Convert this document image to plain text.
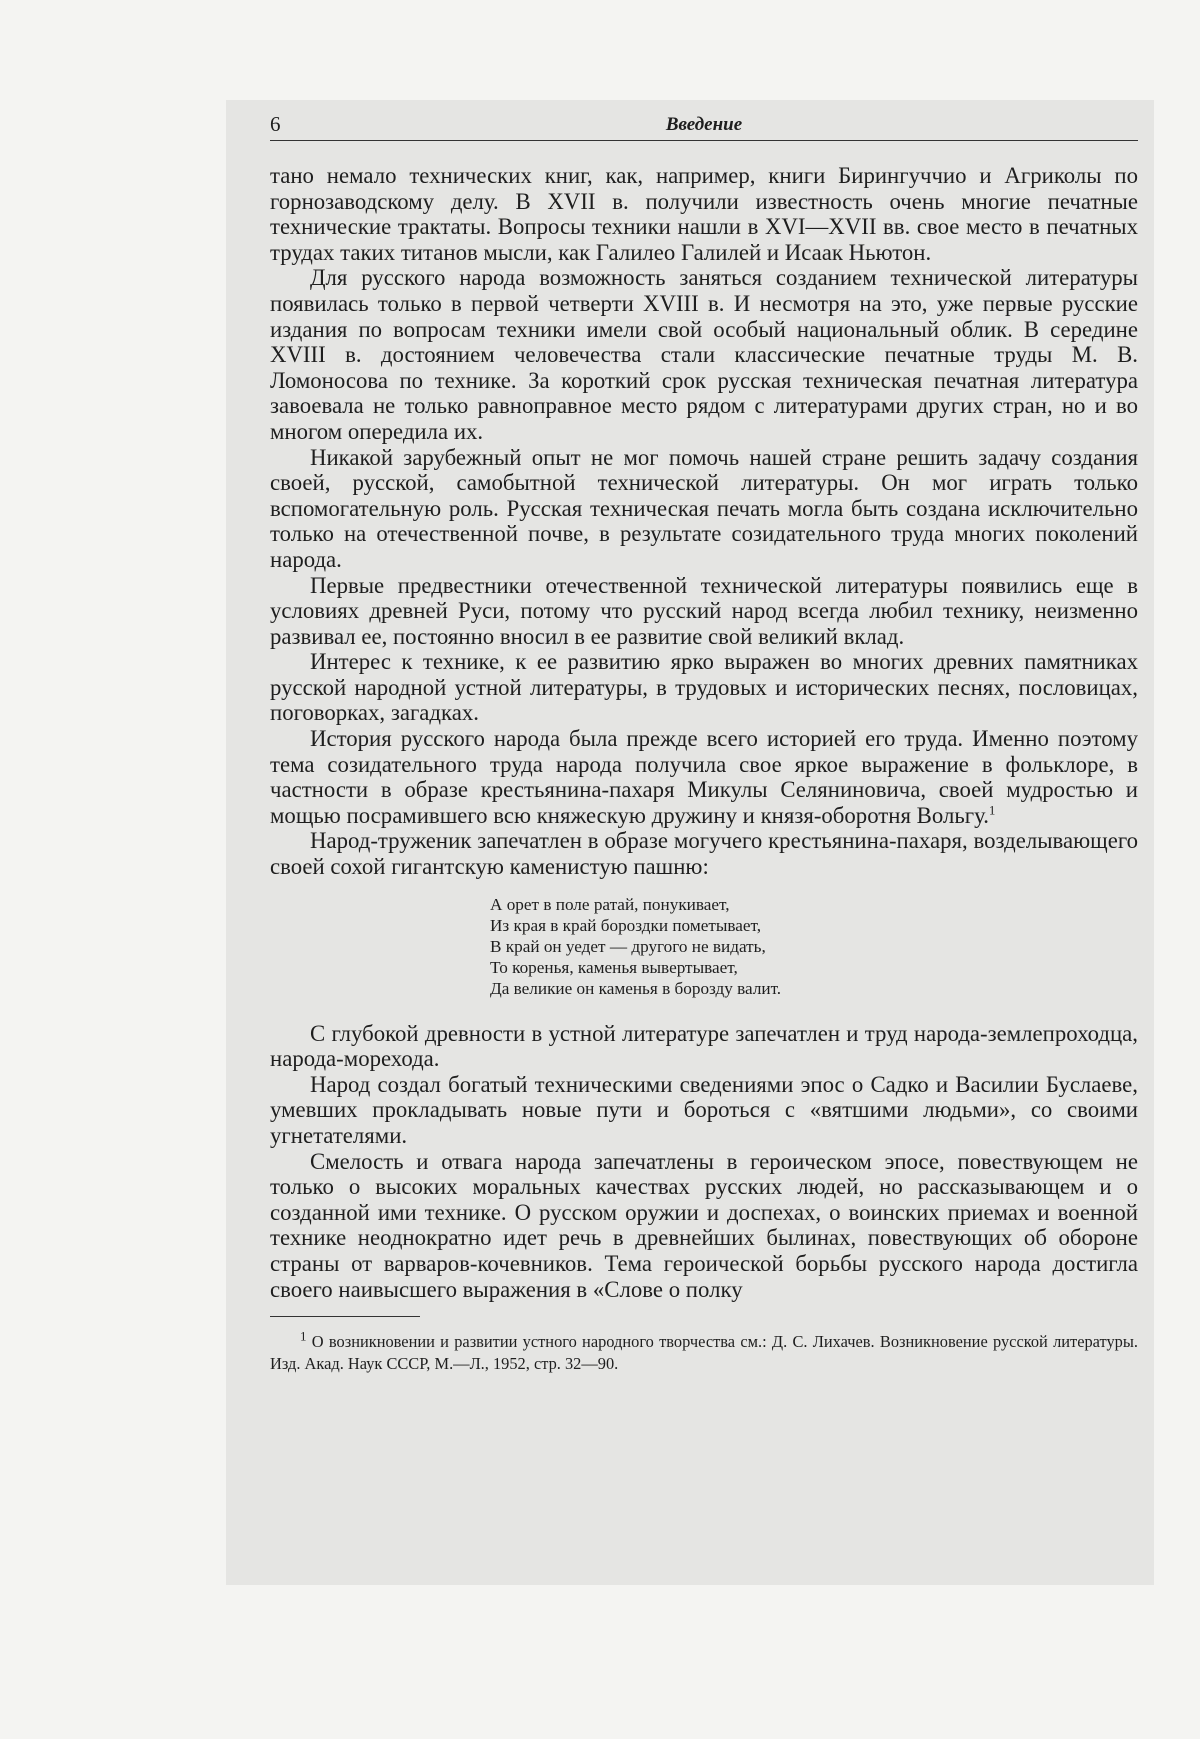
6	Введение

тано немало технических книг, как, например, книги Бирингуччио и Агриколы по горнозаводскому делу. В XVII в. получили известность очень многие печатные технические трактаты. Вопросы техники нашли в XVI—XVII вв. свое место в печатных трудах таких титанов мысли, как Галилео Галилей и Исаак Ньютон.

Для русского народа возможность заняться созданием технической литературы появилась только в первой четверти XVIII в. И несмотря на это, уже первые русские издания по вопросам техники имели свой особый национальный облик. В середине XVIII в. достоянием человечества стали классические печатные труды М. В. Ломоносова по технике. За короткий срок русская техническая печатная литература завоевала не только равноправное место рядом с литературами других стран, но и во многом опередила их.

Никакой зарубежный опыт не мог помочь нашей стране решить задачу создания своей, русской, самобытной технической литературы. Он мог играть только вспомогательную роль. Русская техническая печать могла быть создана исключительно только на отечественной почве, в результате созидательного труда многих поколений народа.

Первые предвестники отечественной технической литературы появились еще в условиях древней Руси, потому что русский народ всегда любил технику, неизменно развивал ее, постоянно вносил в ее развитие свой великий вклад.

Интерес к технике, к ее развитию ярко выражен во многих древних памятниках русской народной устной литературы, в трудовых и исторических песнях, пословицах, поговорках, загадках.

История русского народа была прежде всего историей его труда. Именно поэтому тема созидательного труда народа получила свое яркое выражение в фольклоре, в частности в образе крестьянина-пахаря Микулы Селяниновича, своей мудростью и мощью посрамившего всю княжескую дружину и князя-оборотня Вольгу.$^1$

Народ-труженик запечатлен в образе могучего крестьянина-пахаря, возделывающего своей сохой гигантскую каменистую пашню:

А орет в поле ратай, понукивает,
Из края в край бороздки пометывает,
В край он уедет — другого не видать,
То коренья, каменья вывертывает,
Да великие он каменья в борозду валит.

С глубокой древности в устной литературе запечатлен и труд народа-землепроходца, народа-морехода.

Народ создал богатый техническими сведениями эпос о Садко и Василии Буслаеве, умевших прокладывать новые пути и бороться с «вятшими людьми», со своими угнетателями.

Смелость и отвага народа запечатлены в героическом эпосе, повествующем не только о высоких моральных качествах русских людей, но рассказывающем и о созданной ими технике. О русском оружии и доспехах, о воинских приемах и военной технике неоднократно идет речь в древнейших былинах, повествующих об обороне страны от варваров-кочевников. Тема героической борьбы русского народа достигла своего наивысшего выражения в «Слове о полку

$^1$ О возникновении и развитии устного народного творчества см.: Д. С. Лихачев. Возникновение русской литературы. Изд. Акад. Наук СССР, М.—Л., 1952, стр. 32—90.
